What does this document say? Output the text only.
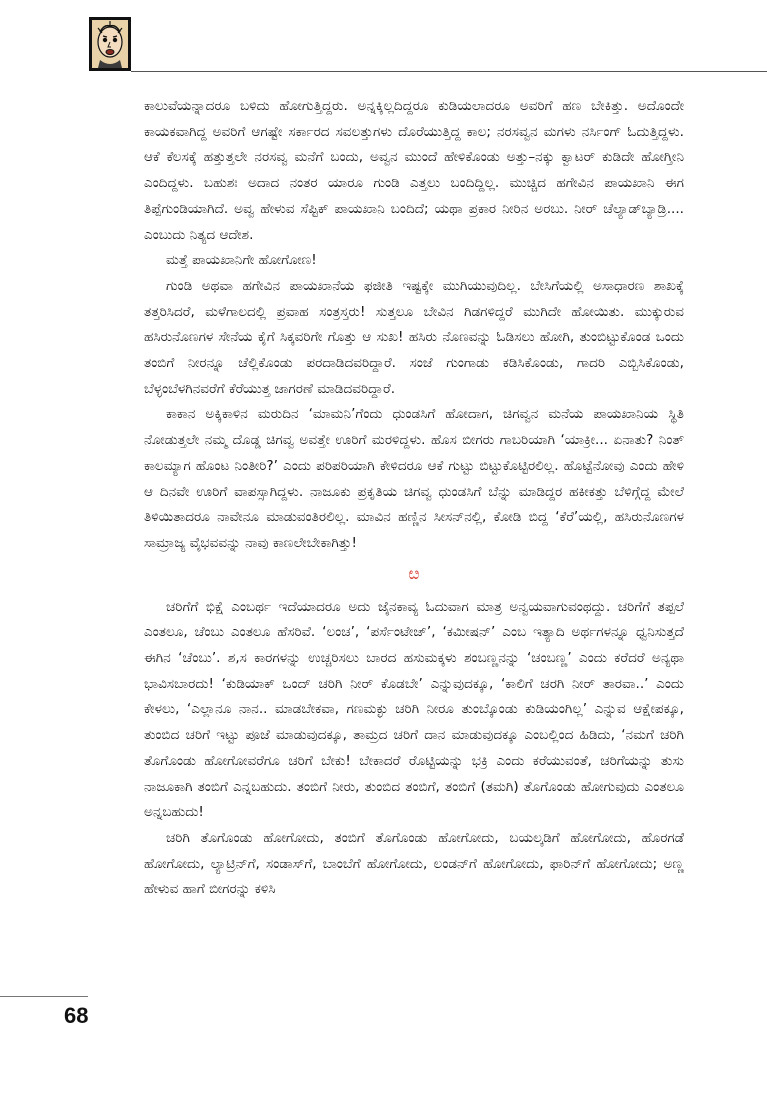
ಕಾಲುವೆಯನ್ನಾದರೂ ಬಳಿದು ಹೋಗುತ್ತಿದ್ದರು. ಅನ್ನಕ್ಕಿಲ್ಲದಿದ್ದರೂ ಕುಡಿಯಲಾದರೂ ಅವರಿಗೆ ಹಣ ಬೇಕಿತ್ತು. ಅದೊಂದೇ ಕಾಯಕವಾಗಿದ್ದ ಅವರಿಗೆ ಆಗಷ್ಟೇ ಸರ್ಕಾರದ ಸವಲತ್ತುಗಳು ದೊರೆಯುತ್ತಿದ್ದ ಕಾಲ; ನರಸವ್ವನ ಮಗಳು ನರ್ಸಿಂಗ್ ಓದುತ್ತಿದ್ದಳು. ಆಕೆ ಕೆಲಸಕ್ಕೆ ಹತ್ತುತ್ತಲೇ ನರಸವ್ವ ಮನೆಗೆ ಬಂದು, ಅವ್ವನ ಮುಂದೆ ಹೇಳಿಕೊಂಡು ಅತ್ತು–ನಕ್ಕು ಕ್ವಾಟರ್ ಕುಡಿದೇ ಹೋಗ್ತೀನಿ ಎಂದಿದ್ದಳು. ಬಹುಶಃ ಅದಾದ ನಂತರ ಯಾರೂ ಗುಂಡಿ ಎತ್ತಲು ಬಂದಿದ್ದಿಲ್ಲ. ಮುಚ್ಚಿದ ಹಗೇವಿನ ಪಾಯಖಾನಿ ಈಗ ತಿಪ್ಪೆಗುಂಡಿಯಾಗಿದೆ. ಅವ್ವ ಹೇಳುವ ಸೆಪ್ಟಿಕ್ ಪಾಯಖಾನಿ ಬಂದಿದೆ; ಯಥಾ ಪ್ರಕಾರ ನೀರಿನ ಅರಬು. ನೀರ್ ಚೆಲ್ಯಾಡ್‌ಬ್ಯಾಡ್ರಿ.... ಎಂಬುದು ನಿತ್ಯದ ಆದೇಶ.

ಮತ್ತೆ ಪಾಯಖಾನಿಗೇ ಹೋಗೋಣ!

ಗುಂಡಿ ಅಥವಾ ಹಗೇವಿನ ಪಾಯಖಾನೆಯ ಫಜೀತಿ ಇಷ್ಟಕ್ಕೇ ಮುಗಿಯುವುದಿಲ್ಲ. ಬೇಸಿಗೆಯಲ್ಲಿ ಅಸಾಧಾರಣ ಶಾಖಕ್ಕೆ ತತ್ತರಿಸಿದರೆ, ಮಳೆಗಾಲದಲ್ಲಿ ಪ್ರವಾಹ ಸಂತ್ರಸ್ತರು! ಸುತ್ತಲೂ ಬೇವಿನ ಗಿಡಗಳಿದ್ದರೆ ಮುಗಿದೇ ಹೋಯಿತು. ಮುಕ್ಕುರುವ ಹಸಿರುನೊಣಗಳ ಸೇನೆಯ ಕೈಗೆ ಸಿಕ್ಕವರಿಗೇ ಗೊತ್ತು ಆ ಸುಖ! ಹಸಿರು ನೊಣವನ್ನು ಓಡಿಸಲು ಹೋಗಿ, ತುಂಬಿಟ್ಟುಕೊಂಡ ಒಂದು ತಂಬಿಗೆ ನೀರನ್ನೂ ಚೆಲ್ಲಿಕೊಂಡು ಪರದಾಡಿದವರಿದ್ದಾರೆ. ಸಂಜೆ ಗುಂಗಾಡು ಕಡಿಸಿಕೊಂಡು, ಗಾದರಿ ಎಬ್ಬಿಸಿಕೊಂಡು, ಬೆಳ್ಳಂಬೆಳಗಿನವರೆಗೆ ಕೆರೆಯುತ್ತ ಜಾಗರಣೆ ಮಾಡಿದವರಿದ್ದಾರೆ.

ಕಾಕಾನ ಅಕ್ಕಿಕಾಳಿನ ಮರುದಿನ ‘ಮಾಮನಿ’ಗೆಂದು ಧುಂಡಸಿಗೆ ಹೋದಾಗ, ಚಿಗವ್ವನ ಮನೆಯ ಪಾಯಖಾನಿಯ ಸ್ಥಿತಿ ನೋಡುತ್ತಲೇ ನಮ್ಮ ದೊಡ್ಡ ಚಿಗವ್ವ ಅವತ್ತೇ ಊರಿಗೆ ಮರಳಿದ್ದಳು. ಹೊಸ ಬೀಗರು ಗಾಬರಿಯಾಗಿ ‘ಯಾಕ್ರೀ... ಏನಾತು? ನಿಂತ್ ಕಾಲಮ್ಯಾಗ ಹೊಂಟ ನಿಂತೀರಿ?’ ಎಂದು ಪರಿಪರಿಯಾಗಿ ಕೇಳಿದರೂ ಆಕೆ ಗುಟ್ಟು ಬಿಟ್ಟುಕೊಟ್ಟಿರಲಿಲ್ಲ. ಹೊಟ್ಟೆನೋವು ಎಂದು ಹೇಳಿ ಆ ದಿನವೇ ಊರಿಗೆ ವಾಪಸ್ಸಾಗಿದ್ದಳು. ನಾಜೂಕು ಪ್ರಕೃತಿಯ ಚಿಗವ್ವ ಧುಂಡಸಿಗೆ ಬೆನ್ನು ಮಾಡಿದ್ದರ ಹಕೀಕತ್ತು ಬೆಳಿಗ್ಗೆದ್ದ ಮೇಲೆ ತಿಳಿಯಿತಾದರೂ ನಾವೇನೂ ಮಾಡುವಂತಿರಲಿಲ್ಲ. ಮಾವಿನ ಹಣ್ಣಿನ ಸೀಸನ್‌ನಲ್ಲಿ, ಕೋಡಿ ಬಿದ್ದ ‘ಕೆರೆ’ಯಲ್ಲಿ, ಹಸಿರುನೊಣಗಳ ಸಾಮ್ರಾಜ್ಯ ವೈಭವವನ್ನು ನಾವು ಕಾಣಲೇಬೇಕಾಗಿತ್ತು!

ೞ

ಚರಿಗೆಗೆ ಭಿಕ್ಷೆ ಎಂಬರ್ಥ ಇದೆಯಾದರೂ ಅದು ಜೈನಕಾವ್ಯ ಓದುವಾಗ ಮಾತ್ರ ಅನ್ವಯವಾಗುವಂಥದ್ದು. ಚರಿಗೆಗೆ ತಪ್ಪಲೆ ಎಂತಲೂ, ಚೆಂಬು ಎಂತಲೂ ಹೆಸರಿವೆ. ‘ಲಂಚ’, ‘ಪರ್ಸೆಂಟೇಜ್’, ‘ಕಮೀಷನ್’ ಎಂಬ ಇತ್ಯಾದಿ ಅರ್ಥಗಳನ್ನೂ ಧ್ವನಿಸುತ್ತದೆ ಈಗಿನ ‘ಚೆಂಬು’. ಶ,ಸ ಕಾರಗಳನ್ನು ಉಚ್ಚರಿಸಲು ಬಾರದ ಹಸುಮಕ್ಕಳು ಶಂಬಣ್ಣನನ್ನು ‘ಚಂಬಣ್ಣ’ ಎಂದು ಕರೆದರೆ ಅನ್ಯಥಾ ಭಾವಿಸಬಾರದು! ‘ಕುಡಿಯಾಕ್ ಒಂದ್ ಚರಿಗಿ ನೀರ್ ಕೊಡಬೇ’ ಎನ್ನುವುದಕ್ಕೂ, ‘ಕಾಲಿಗೆ ಚರಗಿ ನೀರ್ ತಾರವಾ..’ ಎಂದು ಕೇಳಲು, ‘ಎಲ್ಲಾನೂ ನಾನ.. ಮಾಡಬೇಕವಾ, ಗಣಮಕ್ಳು ಚರಿಗಿ ನೀರೂ ತುಂಬ್ಕೊಂಡು ಕುಡಿಯಂಗಿಲ್ಲ’ ಎನ್ನುವ ಆಕ್ಷೇಪಕ್ಕೂ, ತುಂಬಿದ ಚರಿಗೆ ಇಟ್ಟು ಪೂಜೆ ಮಾಡುವುದಕ್ಕೂ, ತಾಮ್ರದ ಚರಿಗೆ ದಾನ ಮಾಡುವುದಕ್ಕೂ ಎಂಬಲ್ಲಿಂದ ಹಿಡಿದು, ‘ನಮಗೆ ಚರಿಗಿ ತೊಗೊಂಡು ಹೋಗೋವರೆಗೂ ಚರಿಗೆ ಬೇಕು! ಬೇಕಾದರೆ ರೊಟ್ಟಿಯನ್ನು ಭಕ್ರಿ ಎಂದು ಕರೆಯುವಂತೆ, ಚರಿಗೆಯನ್ನು ತುಸು ನಾಜೂಕಾಗಿ ತಂಬಿಗೆ ಎನ್ನಬಹುದು. ತಂಬಿಗೆ ನೀರು, ತುಂಬಿದ ತಂಬಿಗೆ, ತಂಬಿಗೆ (ತಮಗಿ) ತೊಗೊಂಡು ಹೋಗುವುದು ಎಂತಲೂ ಅನ್ನಬಹುದು!

ಚರಿಗಿ ತೊಗೊಂಡು ಹೋಗೋದು, ತಂಬಿಗೆ ತೊಗೊಂಡು ಹೋಗೋದು, ಬಯಲ್ಕಡಿಗೆ ಹೋಗೋದು, ಹೊರಗಡೆ ಹೋಗೋದು, ಲ್ಯಾಟ್ರಿನ್‌ಗೆ, ಸಂಡಾಸ್‌ಗೆ, ಬಾಂಬೆಗೆ ಹೋಗೋದು, ಲಂಡನ್‌ಗೆ ಹೋಗೋದು, ಫಾರಿನ್‌ಗೆ ಹೋಗೋದು; ಅಣ್ಣ ಹೇಳುವ ಹಾಗೆ ಬೀಗರನ್ನು ಕಳಿಸಿ

68
